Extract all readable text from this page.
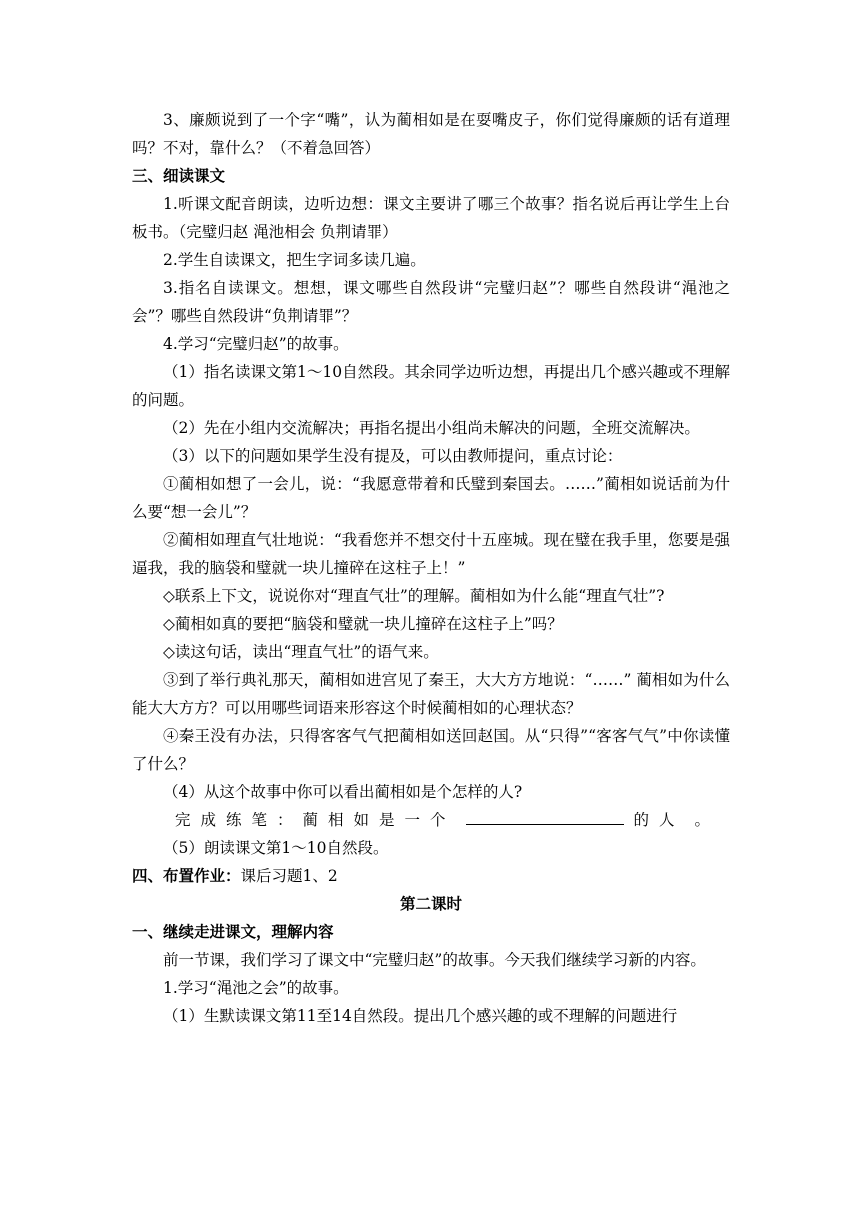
3、廉颇说到了一个字“嘴”，认为蔺相如是在耍嘴皮子，你们觉得廉颇的话有道理吗？不对，靠什么？（不着急回答）

三、细读课文

1.听课文配音朗读，边听边想：课文主要讲了哪三个故事？指名说后再让学生上台板书。（完璧归赵 渑池相会 负荆请罪）

2.学生自读课文，把生字词多读几遍。

3.指名自读课文。想想，课文哪些自然段讲“完璧归赵”？哪些自然段讲“渑池之会”？哪些自然段讲“负荆请罪”？

4.学习“完璧归赵”的故事。

（1）指名读课文第1～10自然段。其余同学边听边想，再提出几个感兴趣或不理解的问题。

（2）先在小组内交流解决；再指名提出小组尚未解决的问题，全班交流解决。

（3）以下的问题如果学生没有提及，可以由教师提问，重点讨论：

①蔺相如想了一会儿，说：“我愿意带着和氏璧到秦国去。……”蔺相如说话前为什么要“想一会儿”？

②蔺相如理直气壮地说：“我看您并不想交付十五座城。现在璧在我手里，您要是强逼我，我的脑袋和璧就一块儿撞碎在这柱子上！”

◇联系上下文，说说你对“理直气壮”的理解。蔺相如为什么能“理直气壮”?

◇蔺相如真的要把“脑袋和璧就一块儿撞碎在这柱子上”吗？

◇读这句话，读出“理直气壮”的语气来。

③到了举行典礼那天，蔺相如进宫见了秦王，大大方方地说：“……” 蔺相如为什么能大大方方？可以用哪些词语来形容这个时候蔺相如的心理状态？

④秦王没有办法，只得客客气气把蔺相如送回赵国。从“只得”“客客气气”中你读懂了什么？

（4）从这个故事中你可以看出蔺相如是个怎样的人?

完成练笔：蔺相如是一个	的人 。

（5）朗读课文第1～10自然段。

四、布置作业：课后习题1、2

第二课时

一、继续走进课文，理解内容

前一节课，我们学习了课文中“完璧归赵”的故事。今天我们继续学习新的内容。

1.学习“渑池之会”的故事。

（1）生默读课文第11至14自然段。提出几个感兴趣的或不理解的问题进行
